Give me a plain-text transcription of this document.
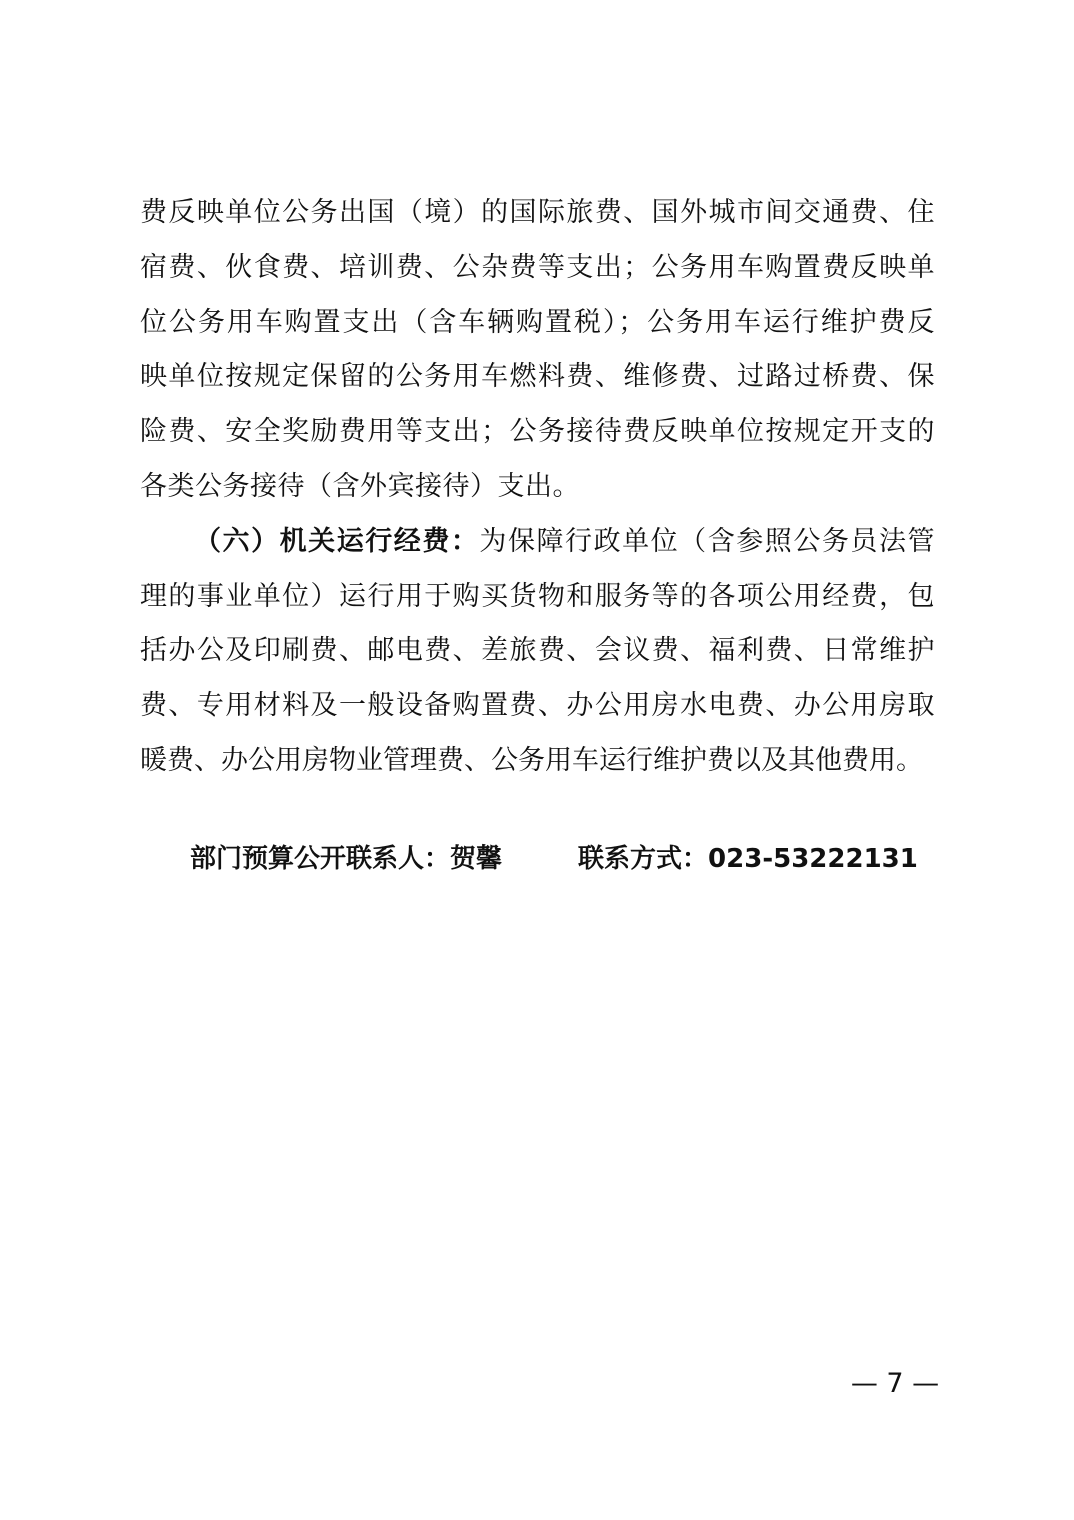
费反映单位公务出国（境）的国际旅费、国外城市间交通费、住
宿费、伙食费、培训费、公杂费等支出；公务用车购置费反映单
位公务用车购置支出（含车辆购置税）；公务用车运行维护费反
映单位按规定保留的公务用车燃料费、维修费、过路过桥费、保
险费、安全奖励费用等支出；公务接待费反映单位按规定开支的
各类公务接待（含外宾接待）支出。
（六）机关运行经费：为保障行政单位（含参照公务员法管
理的事业单位）运行用于购买货物和服务等的各项公用经费，包
括办公及印刷费、邮电费、差旅费、会议费、福利费、日常维护
费、专用材料及一般设备购置费、办公用房水电费、办公用房取
暖费、办公用房物业管理费、公务用车运行维护费以及其他费用。
部门预算公开联系人：贺馨	联系方式：023-53222131
— 7 —
